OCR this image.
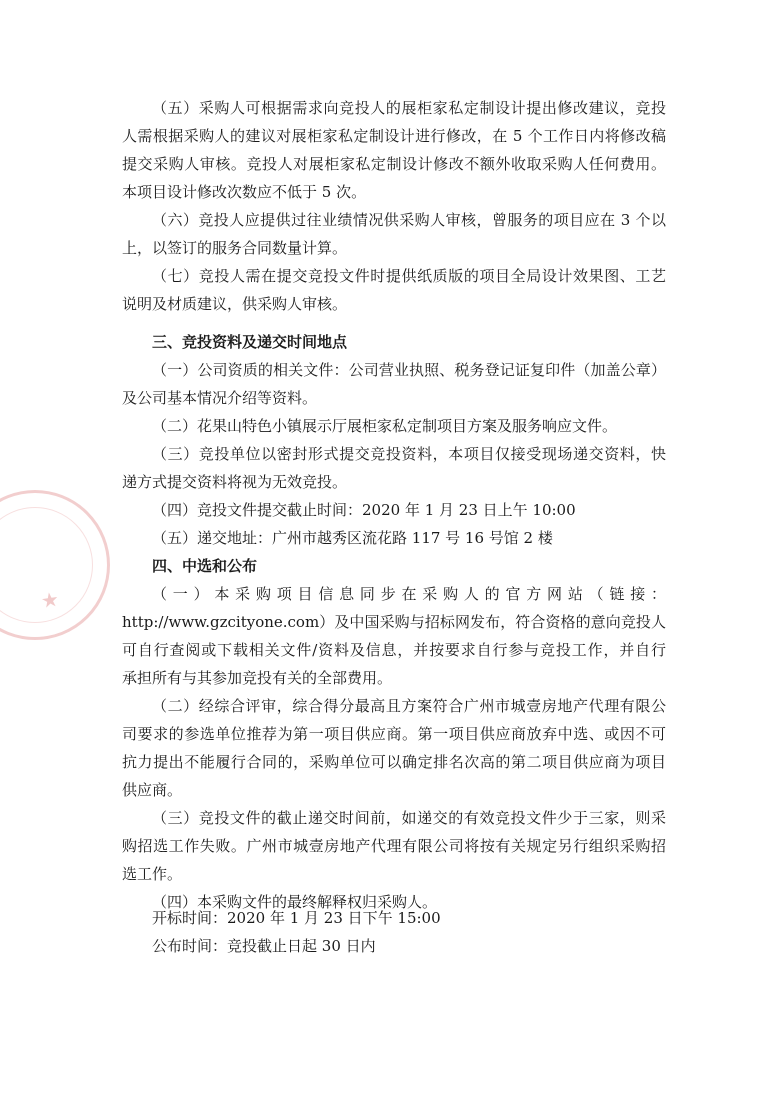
★
（五）采购人可根据需求向竞投人的展柜家私定制设计提出修改建议，竞投
人需根据采购人的建议对展柜家私定制设计进行修改，在 5 个工作日内将修改稿
提交采购人审核。竞投人对展柜家私定制设计修改不额外收取采购人任何费用。
本项目设计修改次数应不低于 5 次。
（六）竞投人应提供过往业绩情况供采购人审核，曾服务的项目应在 3 个以
上，以签订的服务合同数量计算。
（七）竞投人需在提交竞投文件时提供纸质版的项目全局设计效果图、工艺
说明及材质建议，供采购人审核。
三、竞投资料及递交时间地点
（一）公司资质的相关文件：公司营业执照、税务登记证复印件（加盖公章）
及公司基本情况介绍等资料。
（二）花果山特色小镇展示厅展柜家私定制项目方案及服务响应文件。
（三）竞投单位以密封形式提交竞投资料，本项目仅接受现场递交资料，快
递方式提交资料将视为无效竞投。
（四）竞投文件提交截止时间：2020 年 1 月 23 日上午 10:00
（五）递交地址：广州市越秀区流花路 117 号 16 号馆 2 楼
四、中选和公布
（一）本采购项目信息同步在采购人的官方网站（链接：
http://www.gzcityone.com）及中国采购与招标网发布，符合资格的意向竞投人
可自行查阅或下载相关文件/资料及信息，并按要求自行参与竞投工作，并自行
承担所有与其参加竞投有关的全部费用。
（二）经综合评审，综合得分最高且方案符合广州市城壹房地产代理有限公
司要求的参选单位推荐为第一项目供应商。第一项目供应商放弃中选、或因不可
抗力提出不能履行合同的，采购单位可以确定排名次高的第二项目供应商为项目
供应商。
（三）竞投文件的截止递交时间前，如递交的有效竞投文件少于三家，则采
购招选工作失败。广州市城壹房地产代理有限公司将按有关规定另行组织采购招
选工作。
（四）本采购文件的最终解释权归采购人。
开标时间：2020 年 1 月 23 日下午 15:00
公布时间：竞投截止日起 30 日内
